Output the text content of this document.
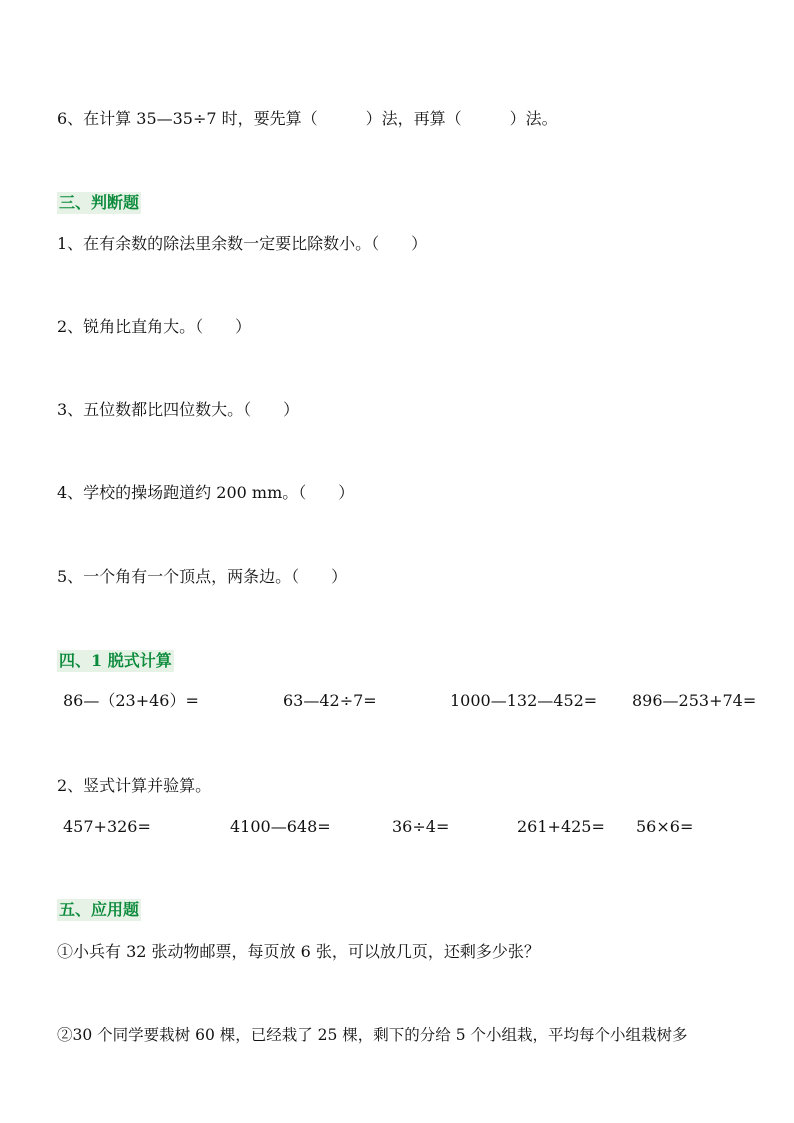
6、在计算 35—35÷7 时，要先算（　　　）法，再算（　　　）法。
三、判断题
1、在有余数的除法里余数一定要比除数小。（　　）
2、锐角比直角大。（　　）
3、五位数都比四位数大。（　　）
4、学校的操场跑道约 200 mm。（　　）
5、一个角有一个顶点，两条边。（　　）
四、1 脱式计算
86—（23+46）=	63—42÷7=	1000—132—452= 896—253+74=
2、竖式计算并验算。
457+326=	4100—648=	36÷4=	261+425= 56×6=
五、应用题
①小兵有 32 张动物邮票，每页放 6 张，可以放几页，还剩多少张？
②30 个同学要栽树 60 棵，已经栽了 25 棵，剩下的分给 5 个小组栽，平均每个小组栽树多
